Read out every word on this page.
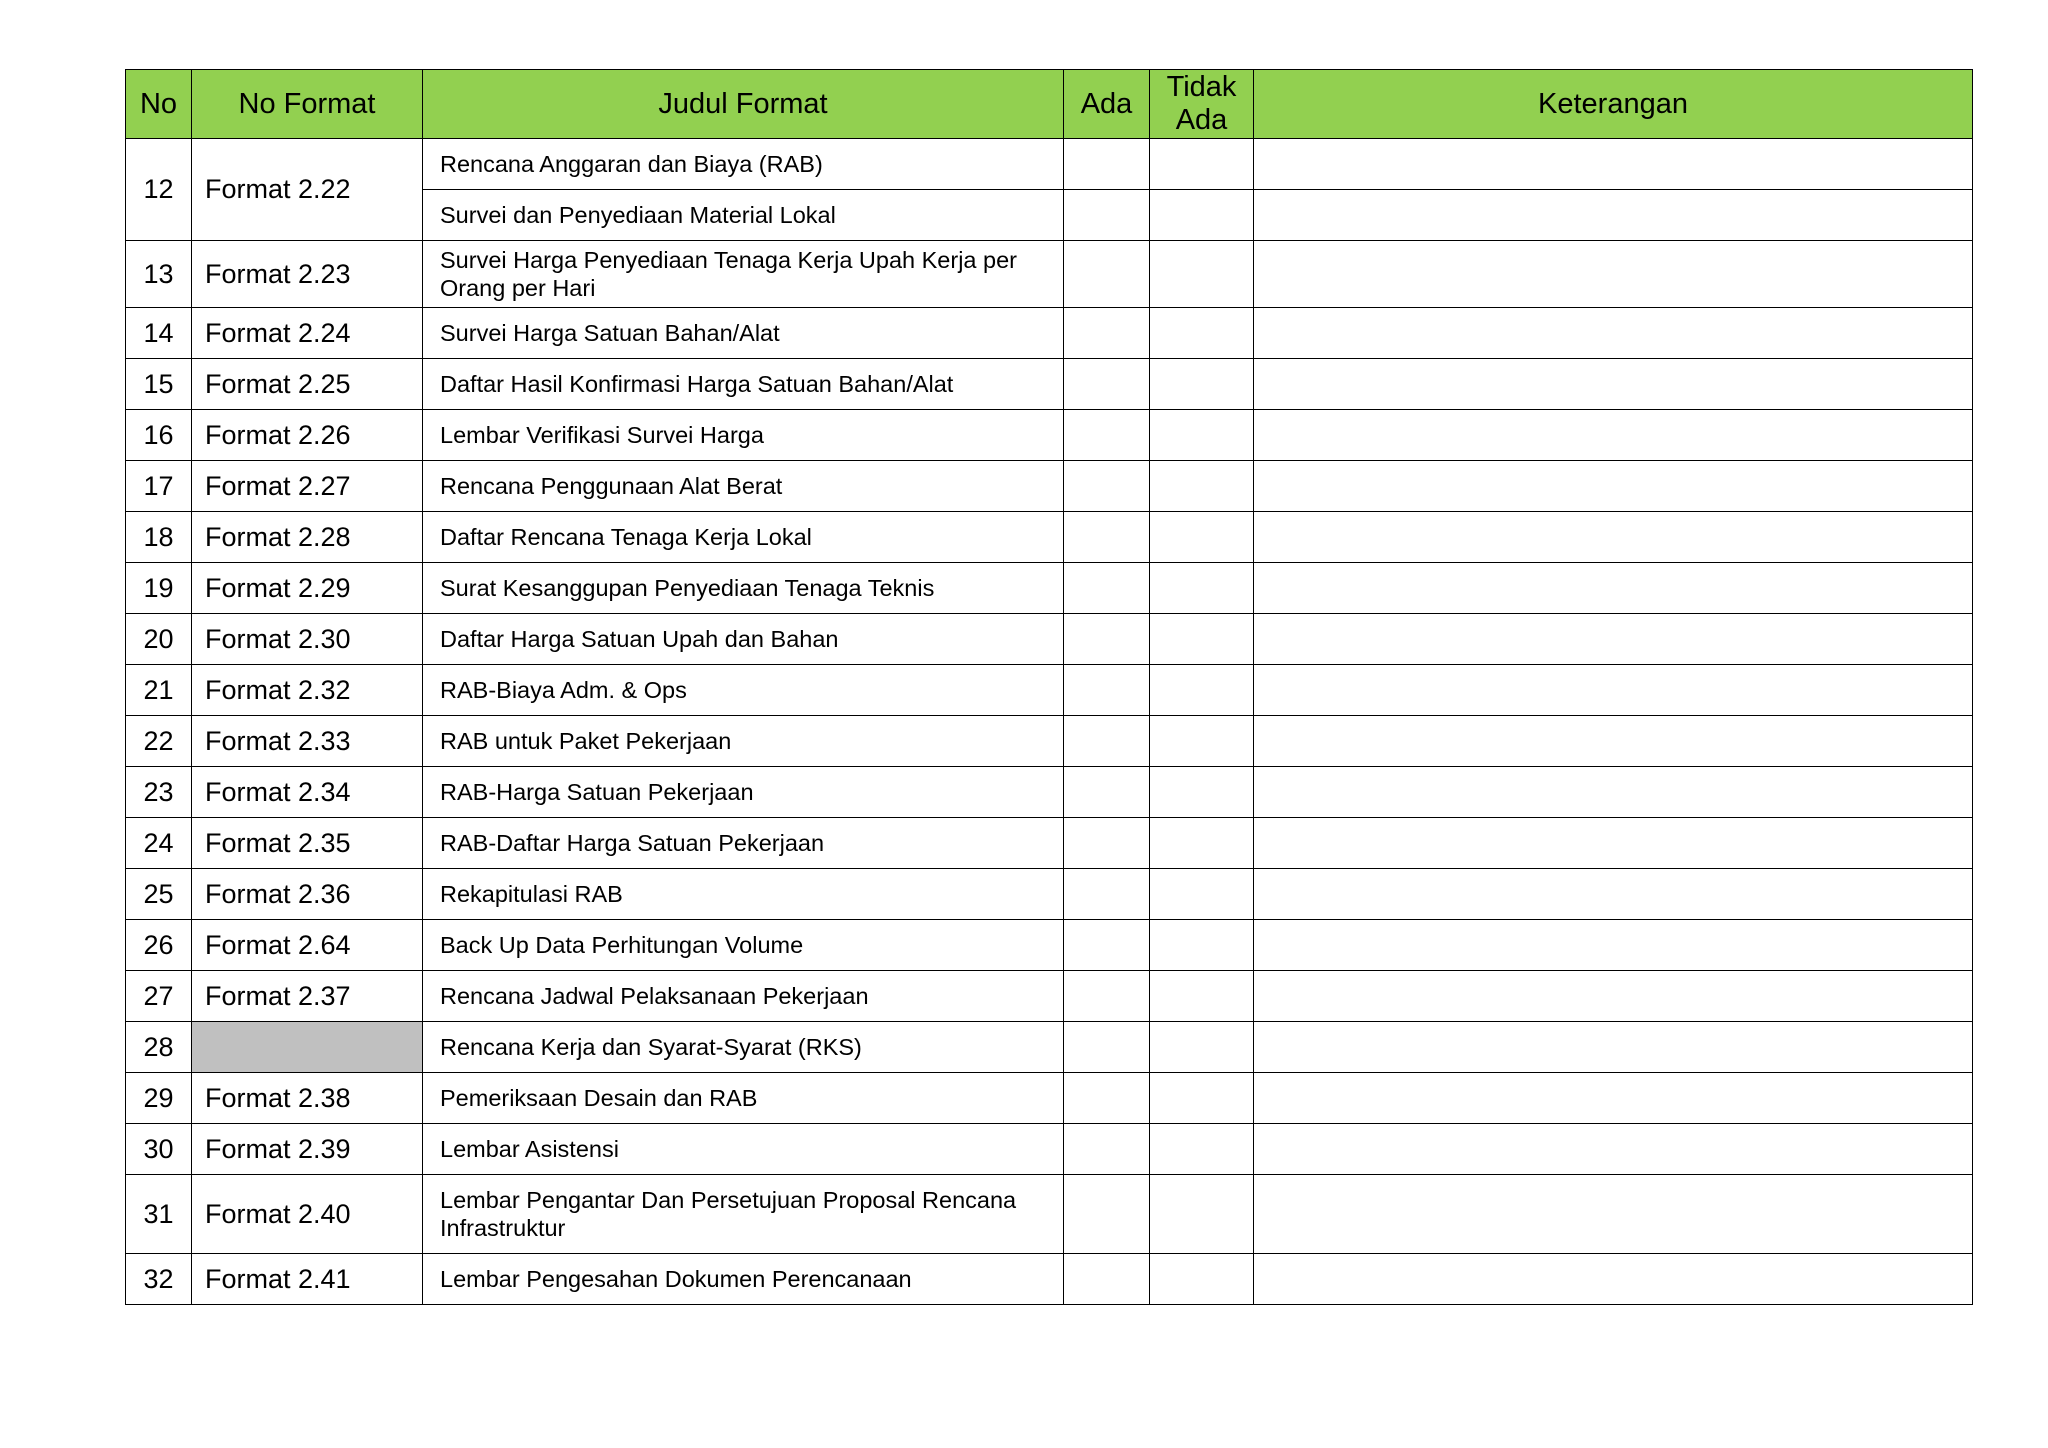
No	No Format	Judul Format	Ada	Tidak Ada	Keterangan
12	Format 2.22	Rencana Anggaran dan Biaya (RAB)			
		Survei dan Penyediaan Material Lokal			
13	Format 2.23	Survei Harga Penyediaan Tenaga Kerja Upah Kerja per Orang per Hari			
14	Format 2.24	Survei Harga Satuan Bahan/Alat			
15	Format 2.25	Daftar Hasil Konfirmasi Harga Satuan Bahan/Alat			
16	Format 2.26	Lembar Verifikasi Survei Harga			
17	Format 2.27	Rencana Penggunaan Alat Berat			
18	Format 2.28	Daftar Rencana Tenaga Kerja Lokal			
19	Format 2.29	Surat Kesanggupan Penyediaan Tenaga Teknis			
20	Format 2.30	Daftar Harga Satuan Upah dan Bahan			
21	Format 2.32	RAB-Biaya Adm. & Ops			
22	Format 2.33	RAB untuk Paket Pekerjaan			
23	Format 2.34	RAB-Harga Satuan Pekerjaan			
24	Format 2.35	RAB-Daftar Harga Satuan Pekerjaan			
25	Format 2.36	Rekapitulasi RAB			
26	Format 2.64	Back Up Data Perhitungan Volume			
27	Format 2.37	Rencana Jadwal Pelaksanaan Pekerjaan			
28		Rencana Kerja dan Syarat-Syarat (RKS)			
29	Format 2.38	Pemeriksaan Desain dan RAB			
30	Format 2.39	Lembar Asistensi			
31	Format 2.40	Lembar Pengantar Dan Persetujuan Proposal Rencana Infrastruktur			
32	Format 2.41	Lembar Pengesahan Dokumen Perencanaan			
